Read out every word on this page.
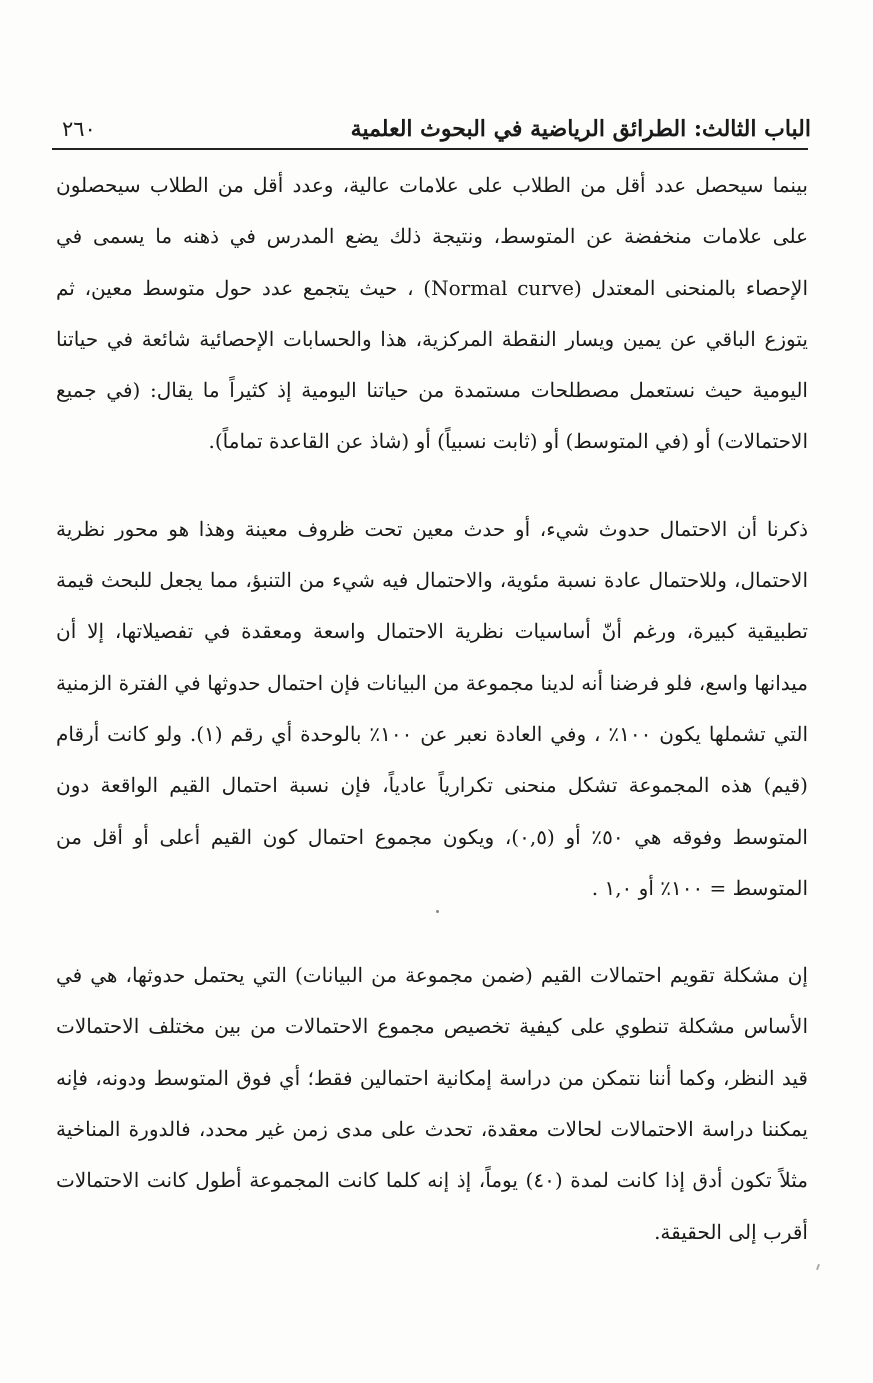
الباب الثالث: الطرائق الرياضية في البحوث العلمية
٢٦٠

بينما سيحصل عدد أقل من الطلاب على علامات عالية، وعدد أقل من الطلاب سيحصلون على علامات منخفضة عن المتوسط، ونتيجة ذلك يضع المدرس في ذهنه ما يسمى في الإحصاء بالمنحنى المعتدل (Normal curve) ، حيث يتجمع عدد حول متوسط معين، ثم يتوزع الباقي عن يمين ويسار النقطة المركزية، هذا والحسابات الإحصائية شائعة في حياتنا اليومية حيث نستعمل مصطلحات مستمدة من حياتنا اليومية إذ كثيراً ما يقال: (في جميع الاحتمالات) أو (في المتوسط) أو (ثابت نسبياً) أو (شاذ عن القاعدة تماماً).

ذكرنا أن الاحتمال حدوث شيء، أو حدث معين تحت ظروف معينة وهذا هو محور نظرية الاحتمال، وللاحتمال عادة نسبة مئوية، والاحتمال فيه شيء من التنبؤ، مما يجعل للبحث قيمة تطبيقية كبيرة، ورغم أنّ أساسيات نظرية الاحتمال واسعة ومعقدة في تفصيلاتها، إلا أن ميدانها واسع، فلو فرضنا أنه لدينا مجموعة من البيانات فإن احتمال حدوثها في الفترة الزمنية التي تشملها يكون ١٠٠٪ ، وفي العادة نعبر عن ١٠٠٪ بالوحدة أي رقم (١). ولو كانت أرقام (قيم) هذه المجموعة تشكل منحنى تكرارياً عادياً، فإن نسبة احتمال القيم الواقعة دون المتوسط وفوقه هي ٥٠٪ أو (٠,٥)، ويكون مجموع احتمال كون القيم أعلى أو أقل من المتوسط = ١٠٠٪ أو ١,٠ .

إن مشكلة تقويم احتمالات القيم (ضمن مجموعة من البيانات) التي يحتمل حدوثها، هي في الأساس مشكلة تنطوي على كيفية تخصيص مجموع الاحتمالات من بين مختلف الاحتمالات قيد النظر، وكما أننا نتمكن من دراسة إمكانية احتمالين فقط؛ أي فوق المتوسط ودونه، فإنه يمكننا دراسة الاحتمالات لحالات معقدة، تحدث على مدى زمن غير محدد، فالدورة المناخية مثلاً تكون أدق إذا كانت لمدة (٤٠) يوماً، إذ إنه كلما كانت المجموعة أطول كانت الاحتمالات أقرب إلى الحقيقة.
